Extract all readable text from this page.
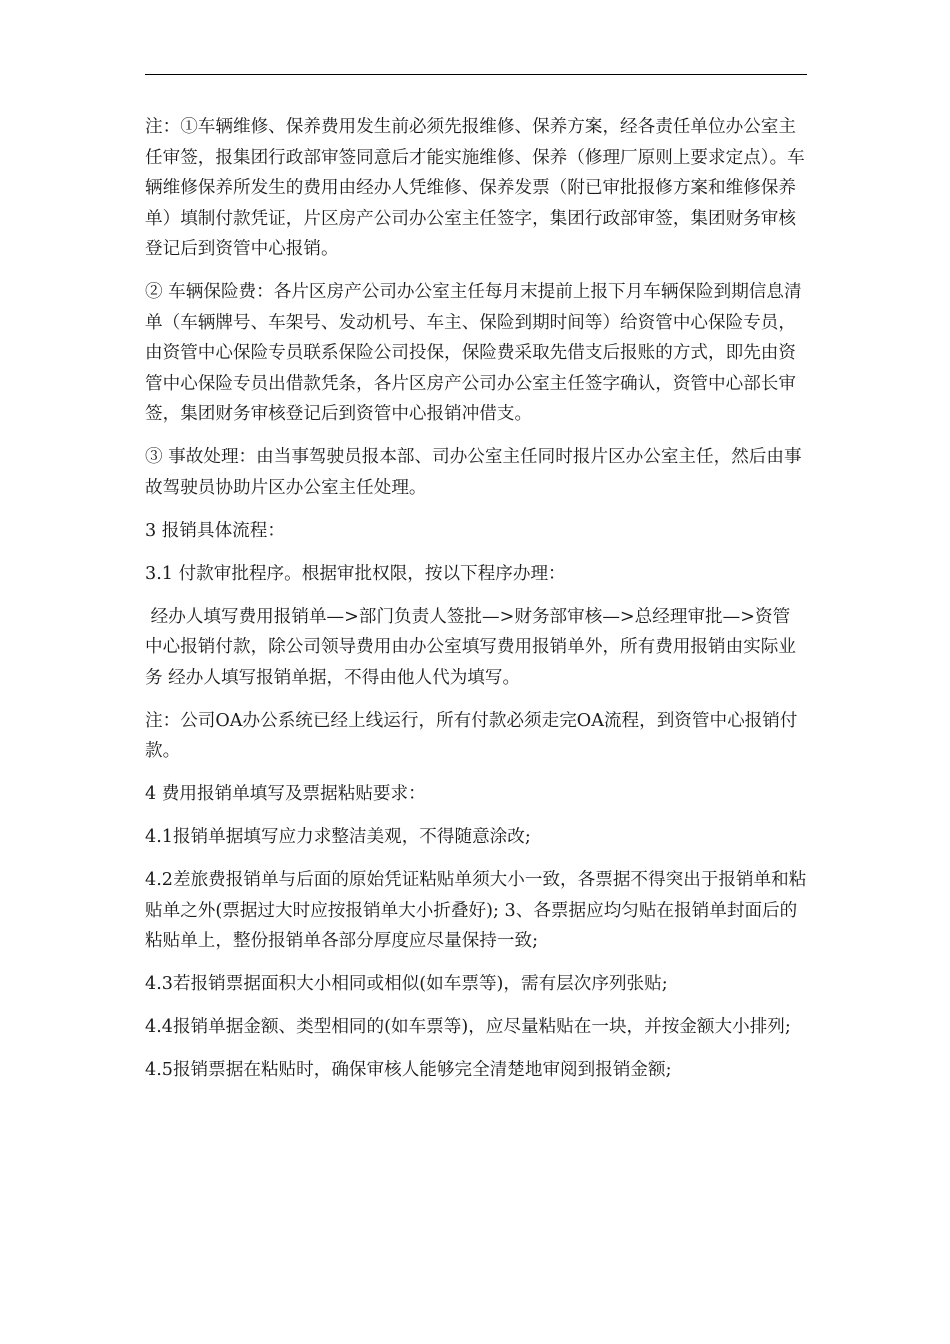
注：①车辆维修、保养费用发生前必须先报维修、保养方案，经各责任单位办公室主任审签，报集团行政部审签同意后才能实施维修、保养（修理厂原则上要求定点）。车辆维修保养所发生的费用由经办人凭维修、保养发票（附已审批报修方案和维修保养单）填制付款凭证，片区房产公司办公室主任签字，集团行政部审签，集团财务审核登记后到资管中心报销。

② 车辆保险费：各片区房产公司办公室主任每月末提前上报下月车辆保险到期信息清单（车辆牌号、车架号、发动机号、车主、保险到期时间等）给资管中心保险专员，由资管中心保险专员联系保险公司投保，保险费采取先借支后报账的方式，即先由资管中心保险专员出借款凭条，各片区房产公司办公室主任签字确认，资管中心部长审签，集团财务审核登记后到资管中心报销冲借支。

③ 事故处理：由当事驾驶员报本部、司办公室主任同时报片区办公室主任，然后由事故驾驶员协助片区办公室主任处理。

3 报销具体流程：

3.1 付款审批程序。根据审批权限，按以下程序办理：

经办人填写费用报销单—>部门负责人签批—>财务部审核—>总经理审批—>资管中心报销付款，除公司领导费用由办公室填写费用报销单外，所有费用报销由实际业务 经办人填写报销单据，不得由他人代为填写。

注：公司OA办公系统已经上线运行，所有付款必须走完OA流程，到资管中心报销付款。

4 费用报销单填写及票据粘贴要求：

4.1报销单据填写应力求整洁美观，不得随意涂改;

4.2差旅费报销单与后面的原始凭证粘贴单须大小一致，各票据不得突出于报销单和粘贴单之外(票据过大时应按报销单大小折叠好); 3、各票据应均匀贴在报销单封面后的粘贴单上，整份报销单各部分厚度应尽量保持一致;

4.3若报销票据面积大小相同或相似(如车票等)，需有层次序列张贴;

4.4报销单据金额、类型相同的(如车票等)，应尽量粘贴在一块，并按金额大小排列;

4.5报销票据在粘贴时，确保审核人能够完全清楚地审阅到报销金额;
